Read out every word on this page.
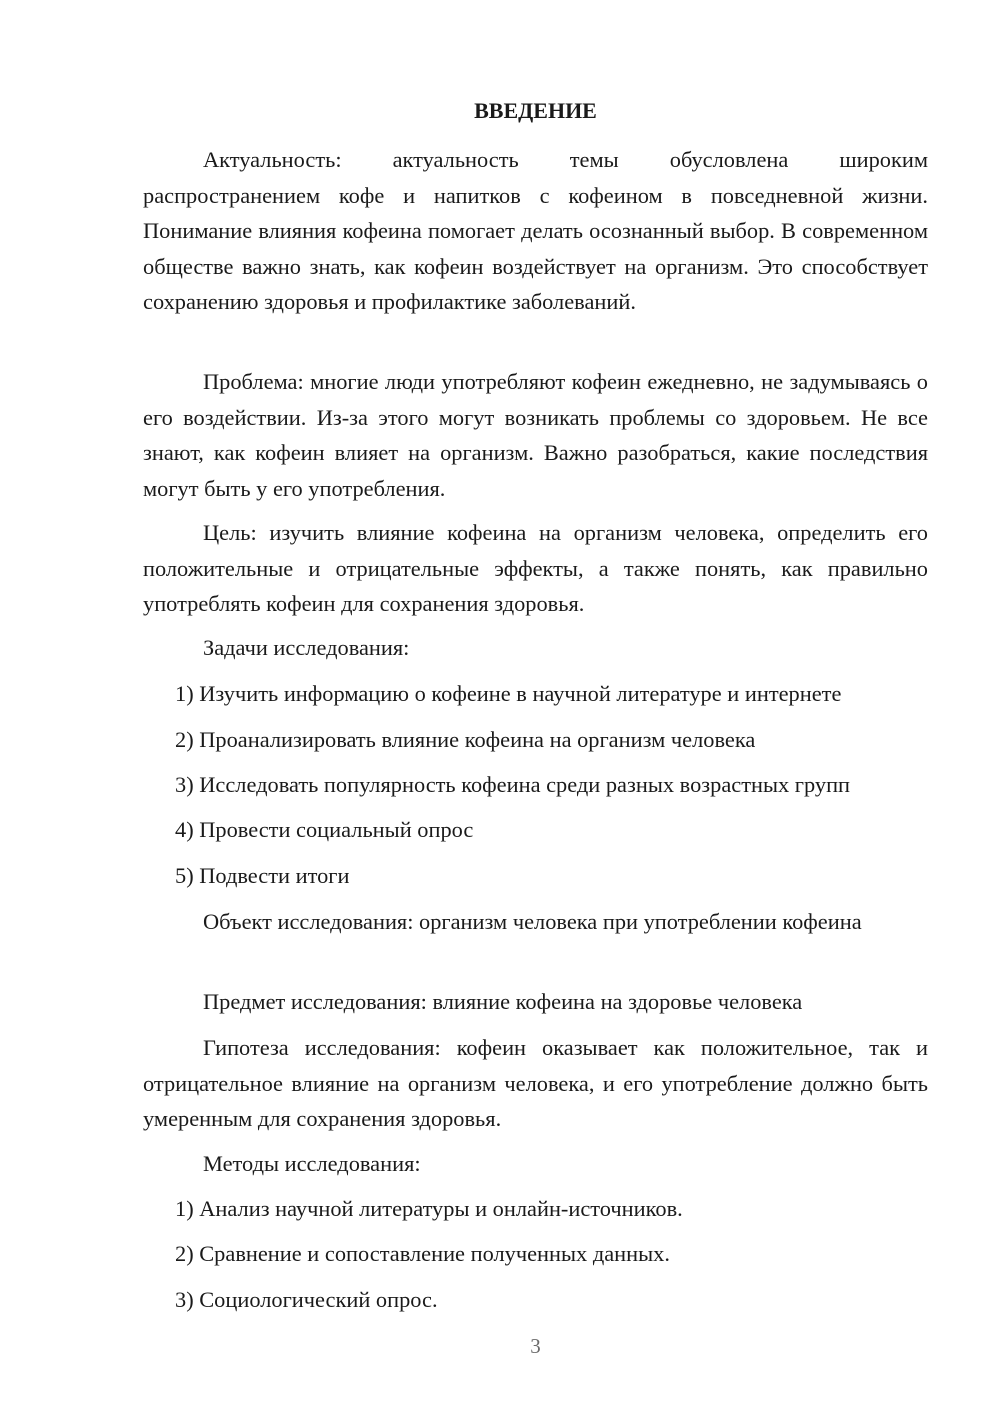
ВВЕДЕНИЕ

Актуальность: актуальность темы обусловлена широким распространением кофе и напитков с кофеином в повседневной жизни. Понимание влияния кофеина помогает делать осознанный выбор. В современном обществе важно знать, как кофеин воздействует на организм. Это способствует сохранению здоровья и профилактике заболеваний.

Проблема: многие люди употребляют кофеин ежедневно, не задумываясь о его воздействии. Из-за этого могут возникать проблемы со здоровьем. Не все знают, как кофеин влияет на организм. Важно разобраться, какие последствия могут быть у его употребления.

Цель: изучить влияние кофеина на организм человека, определить его положительные и отрицательные эффекты, а также понять, как правильно употреблять кофеин для сохранения здоровья.

Задачи исследования:

1) Изучить информацию о кофеине в научной литературе и интернете

2) Проанализировать влияние кофеина на организм человека

3) Исследовать популярность кофеина среди разных возрастных групп

4) Провести социальный опрос

5) Подвести итоги

Объект исследования: организм человека при употреблении кофеина

Предмет исследования: влияние кофеина на здоровье человека

Гипотеза исследования: кофеин оказывает как положительное, так и отрицательное влияние на организм человека, и его употребление должно быть умеренным для сохранения здоровья.

Методы исследования:

1) Анализ научной литературы и онлайн-источников.

2) Сравнение и сопоставление полученных данных.

3) Социологический опрос.

3
